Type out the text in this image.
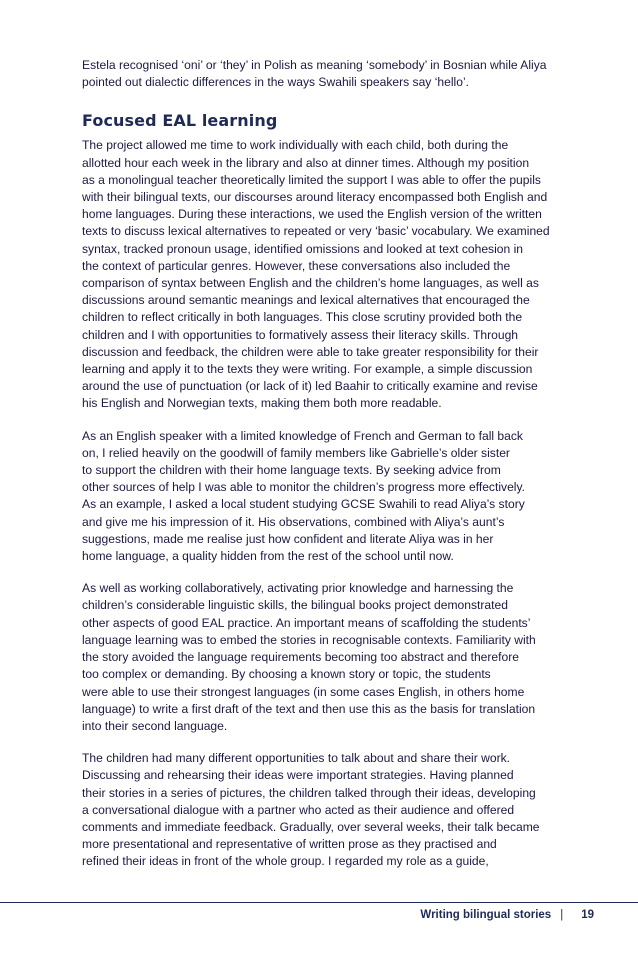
Estela recognised ‘oni’ or ‘they’ in Polish as meaning ‘somebody’ in Bosnian while Aliya
pointed out dialectic differences in the ways Swahili speakers say ‘hello’.
Focused EAL learning

The project allowed me time to work individually with each child, both during the
allotted hour each week in the library and also at dinner times. Although my position
as a monolingual teacher theoretically limited the support I was able to offer the pupils
with their bilingual texts, our discourses around literacy encompassed both English and
home languages. During these interactions, we used the English version of the written
texts to discuss lexical alternatives to repeated or very ‘basic’ vocabulary. We examined
syntax, tracked pronoun usage, identified omissions and looked at text cohesion in
the context of particular genres. However, these conversations also included the
comparison of syntax between English and the children’s home languages, as well as
discussions around semantic meanings and lexical alternatives that encouraged the
children to reflect critically in both languages. This close scrutiny provided both the
children and I with opportunities to formatively assess their literacy skills. Through
discussion and feedback, the children were able to take greater responsibility for their
learning and apply it to the texts they were writing. For example, a simple discussion
around the use of punctuation (or lack of it) led Baahir to critically examine and revise
his English and Norwegian texts, making them both more readable.

As an English speaker with a limited knowledge of French and German to fall back
on, I relied heavily on the goodwill of family members like Gabrielle’s older sister
to support the children with their home language texts. By seeking advice from
other sources of help I was able to monitor the children’s progress more effectively.
As an example, I asked a local student studying GCSE Swahili to read Aliya’s story
and give me his impression of it. His observations, combined with Aliya’s aunt’s
suggestions, made me realise just how confident and literate Aliya was in her
home language, a quality hidden from the rest of the school until now.

As well as working collaboratively, activating prior knowledge and harnessing the
children’s considerable linguistic skills, the bilingual books project demonstrated
other aspects of good EAL practice. An important means of scaffolding the students’
language learning was to embed the stories in recognisable contexts. Familiarity with
the story avoided the language requirements becoming too abstract and therefore
too complex or demanding. By choosing a known story or topic, the students
were able to use their strongest languages (in some cases English, in others home
language) to write a first draft of the text and then use this as the basis for translation
into their second language.

The children had many different opportunities to talk about and share their work.
Discussing and rehearsing their ideas were important strategies. Having planned
their stories in a series of pictures, the children talked through their ideas, developing
a conversational dialogue with a partner who acted as their audience and offered
comments and immediate feedback. Gradually, over several weeks, their talk became
more presentational and representative of written prose as they practised and
refined their ideas in front of the whole group. I regarded my role as a guide,

Writing bilingual stories | 19
